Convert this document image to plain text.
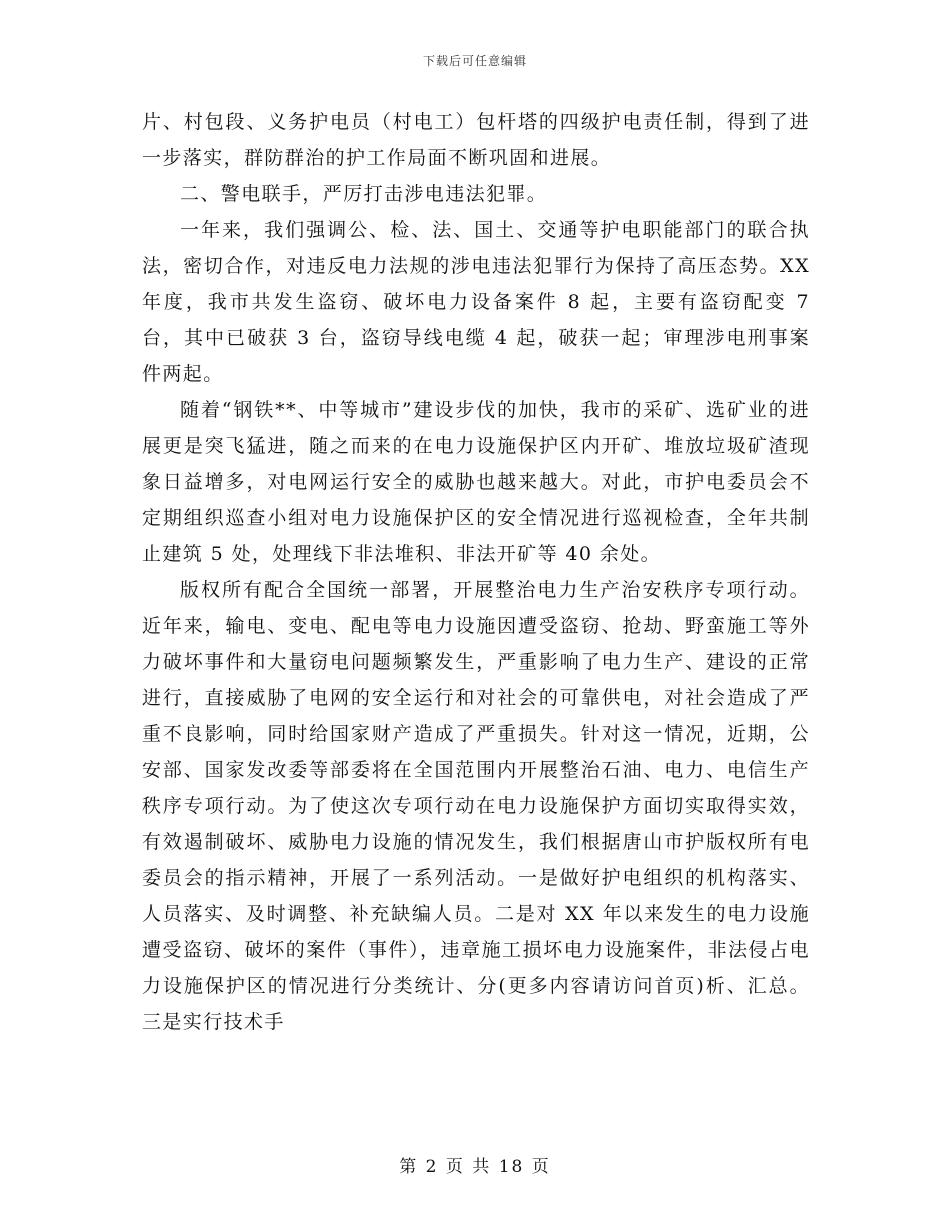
下载后可任意编辑

片、村包段、义务护电员（村电工）包杆塔的四级护电责任制，得到了进一步落实，群防群治的护工作局面不断巩固和进展。

二、警电联手，严厉打击涉电违法犯罪。

一年来，我们强调公、检、法、国土、交通等护电职能部门的联合执法，密切合作，对违反电力法规的涉电违法犯罪行为保持了高压态势。XX 年度，我市共发生盗窃、破坏电力设备案件 8 起，主要有盗窃配变 7 台，其中已破获 3 台，盗窃导线电缆 4 起，破获一起；审理涉电刑事案件两起。

随着“钢铁**、中等城市”建设步伐的加快，我市的采矿、选矿业的进展更是突飞猛进，随之而来的在电力设施保护区内开矿、堆放垃圾矿渣现象日益增多，对电网运行安全的威胁也越来越大。对此，市护电委员会不定期组织巡查小组对电力设施保护区的安全情况进行巡视检查，全年共制止建筑 5 处，处理线下非法堆积、非法开矿等 40 余处。

版权所有配合全国统一部署，开展整治电力生产治安秩序专项行动。近年来，输电、变电、配电等电力设施因遭受盗窃、抢劫、野蛮施工等外力破坏事件和大量窃电问题频繁发生，严重影响了电力生产、建设的正常进行，直接威胁了电网的安全运行和对社会的可靠供电，对社会造成了严重不良影响，同时给国家财产造成了严重损失。针对这一情况，近期，公安部、国家发改委等部委将在全国范围内开展整治石油、电力、电信生产秩序专项行动。为了使这次专项行动在电力设施保护方面切实取得实效，有效遏制破坏、威胁电力设施的情况发生，我们根据唐山市护版权所有电委员会的指示精神，开展了一系列活动。一是做好护电组织的机构落实、人员落实、及时调整、补充缺编人员。二是对 XX 年以来发生的电力设施遭受盗窃、破坏的案件（事件），违章施工损坏电力设施案件，非法侵占电力设施保护区的情况进行分类统计、分(更多内容请访问首页)析、汇总。三是实行技术手

第 2 页 共 18 页
